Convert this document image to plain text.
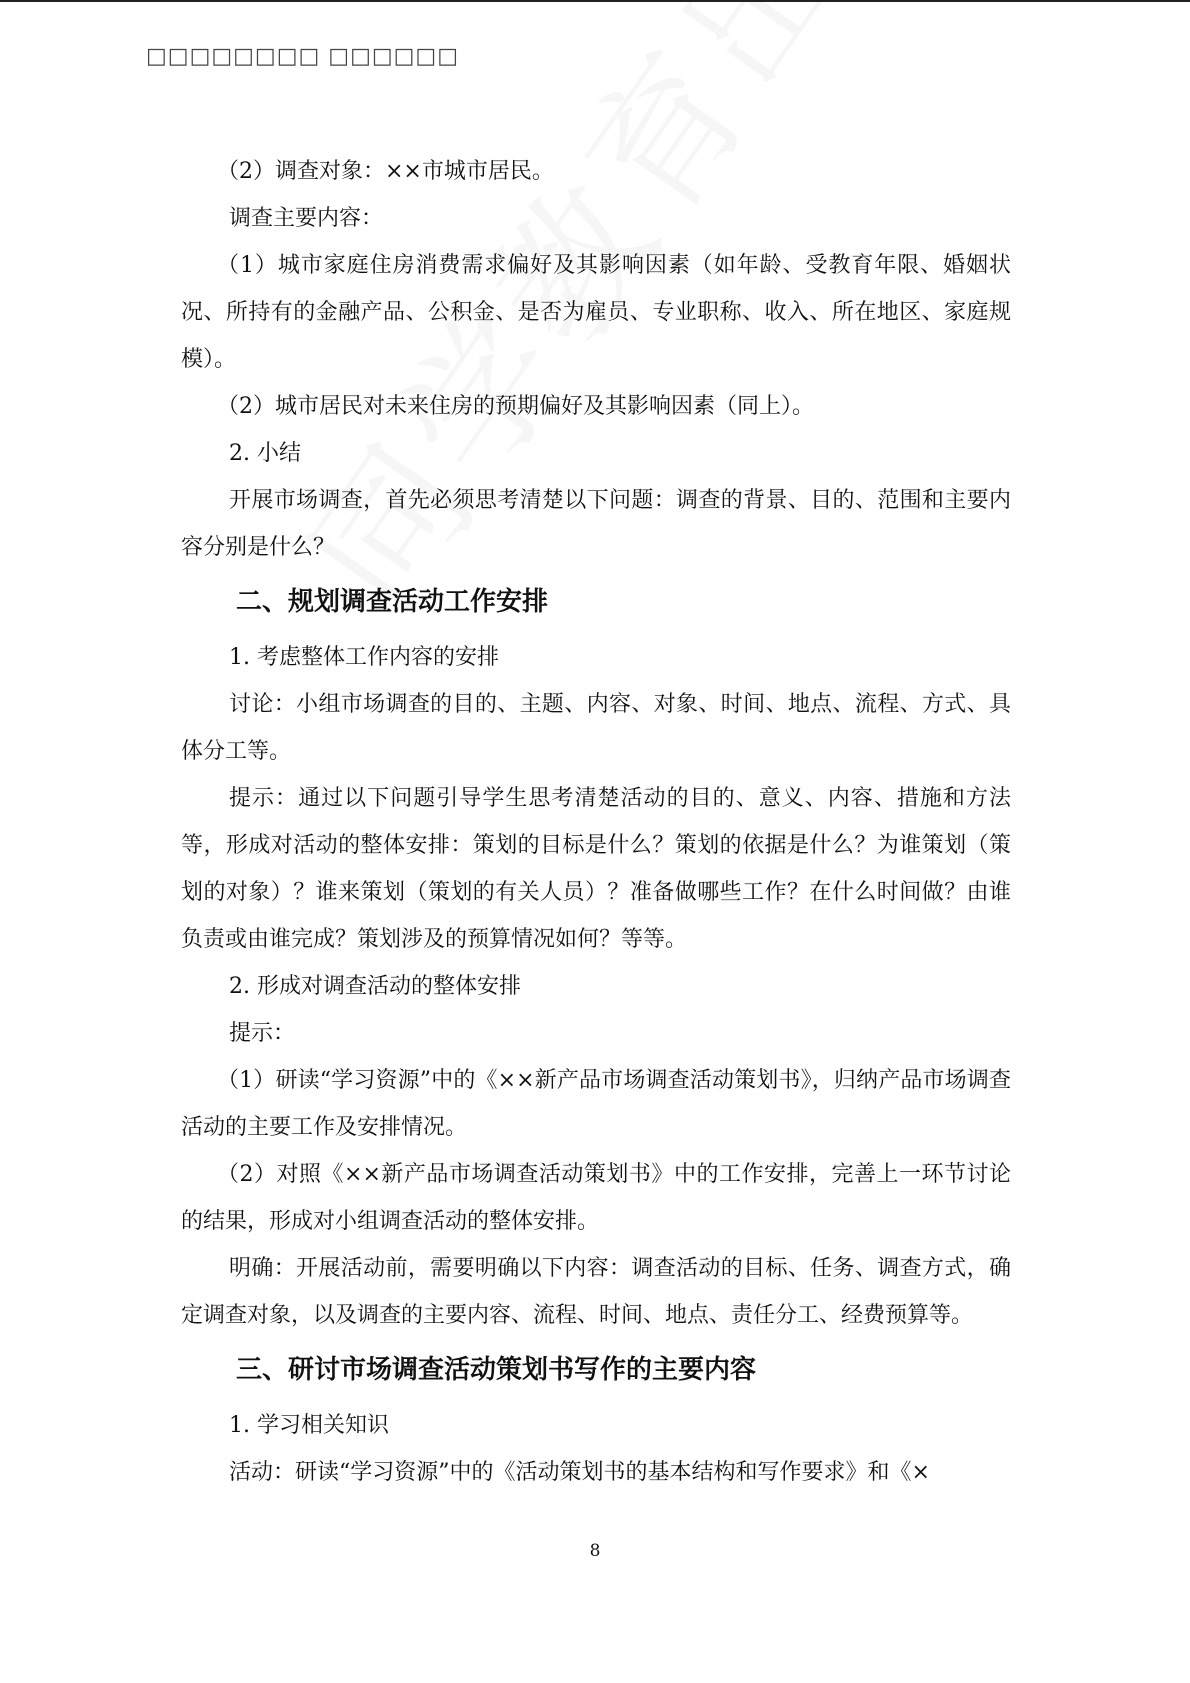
□□□□□□□□ □□□□□□

（2）调查对象：××市城市居民。

调查主要内容：

（1）城市家庭住房消费需求偏好及其影响因素（如年龄、受教育年限、婚姻状况、所持有的金融产品、公积金、是否为雇员、专业职称、收入、所在地区、家庭规模）。

（2）城市居民对未来住房的预期偏好及其影响因素（同上）。

2. 小结

开展市场调查，首先必须思考清楚以下问题：调查的背景、目的、范围和主要内容分别是什么？

二、规划调查活动工作安排

1. 考虑整体工作内容的安排

讨论：小组市场调查的目的、主题、内容、对象、时间、地点、流程、方式、具体分工等。

提示：通过以下问题引导学生思考清楚活动的目的、意义、内容、措施和方法等，形成对活动的整体安排：策划的目标是什么？策划的依据是什么？为谁策划（策划的对象）？谁来策划（策划的有关人员）？准备做哪些工作？在什么时间做？由谁负责或由谁完成？策划涉及的预算情况如何？等等。

2. 形成对调查活动的整体安排

提示：

（1）研读“学习资源”中的《××新产品市场调查活动策划书》，归纳产品市场调查活动的主要工作及安排情况。

（2）对照《××新产品市场调查活动策划书》中的工作安排，完善上一环节讨论的结果，形成对小组调查活动的整体安排。

明确：开展活动前，需要明确以下内容：调查活动的目标、任务、调查方式，确定调查对象，以及调查的主要内容、流程、时间、地点、责任分工、经费预算等。

三、研讨市场调查活动策划书写作的主要内容

1. 学习相关知识

活动：研读“学习资源”中的《活动策划书的基本结构和写作要求》和《×

8
